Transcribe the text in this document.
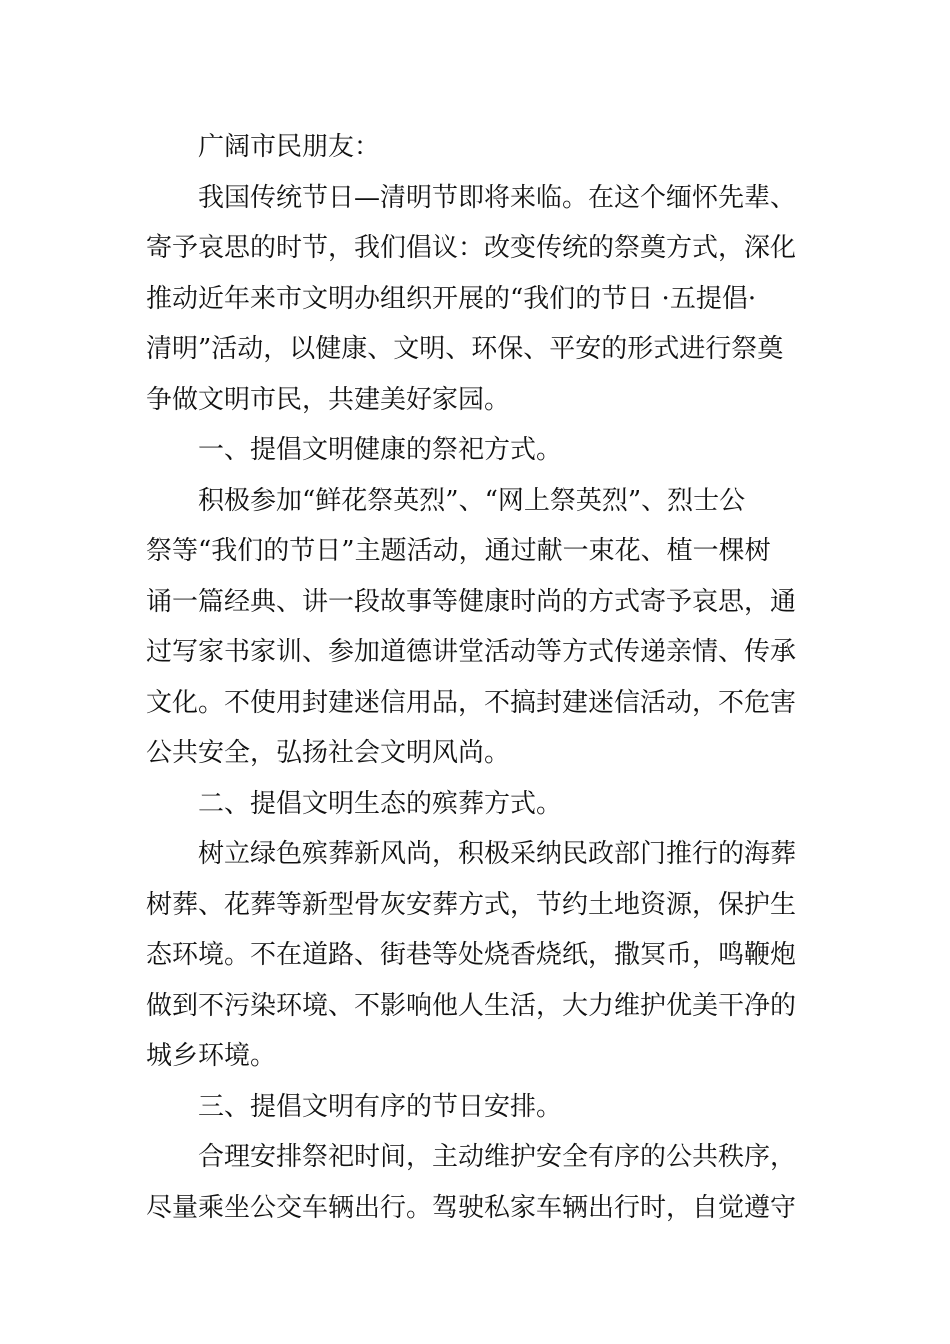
广阔市民朋友：
我国传统节日—清明节即将来临。在这个缅怀先辈、
寄予哀思的时节，我们倡议：改变传统的祭奠方式，深化
推动近年来市文明办组织开展的“我们的节日 ·五提倡·
清明”活动，以健康、文明、环保、平安的形式进行祭奠
争做文明市民，共建美好家园。
一、提倡文明健康的祭祀方式。
积极参加“鲜花祭英烈”、“网上祭英烈”、烈士公
祭等“我们的节日”主题活动，通过献一束花、植一棵树
诵一篇经典、讲一段故事等健康时尚的方式寄予哀思，通
过写家书家训、参加道德讲堂活动等方式传递亲情、传承
文化。不使用封建迷信用品，不搞封建迷信活动，不危害
公共安全，弘扬社会文明风尚。
二、提倡文明生态的殡葬方式。
树立绿色殡葬新风尚，积极采纳民政部门推行的海葬
树葬、花葬等新型骨灰安葬方式，节约土地资源，保护生
态环境。不在道路、街巷等处烧香烧纸，撒冥币，鸣鞭炮
做到不污染环境、不影响他人生活，大力维护优美干净的
城乡环境。
三、提倡文明有序的节日安排。
合理安排祭祀时间，主动维护安全有序的公共秩序，
尽量乘坐公交车辆出行。驾驶私家车辆出行时，自觉遵守
